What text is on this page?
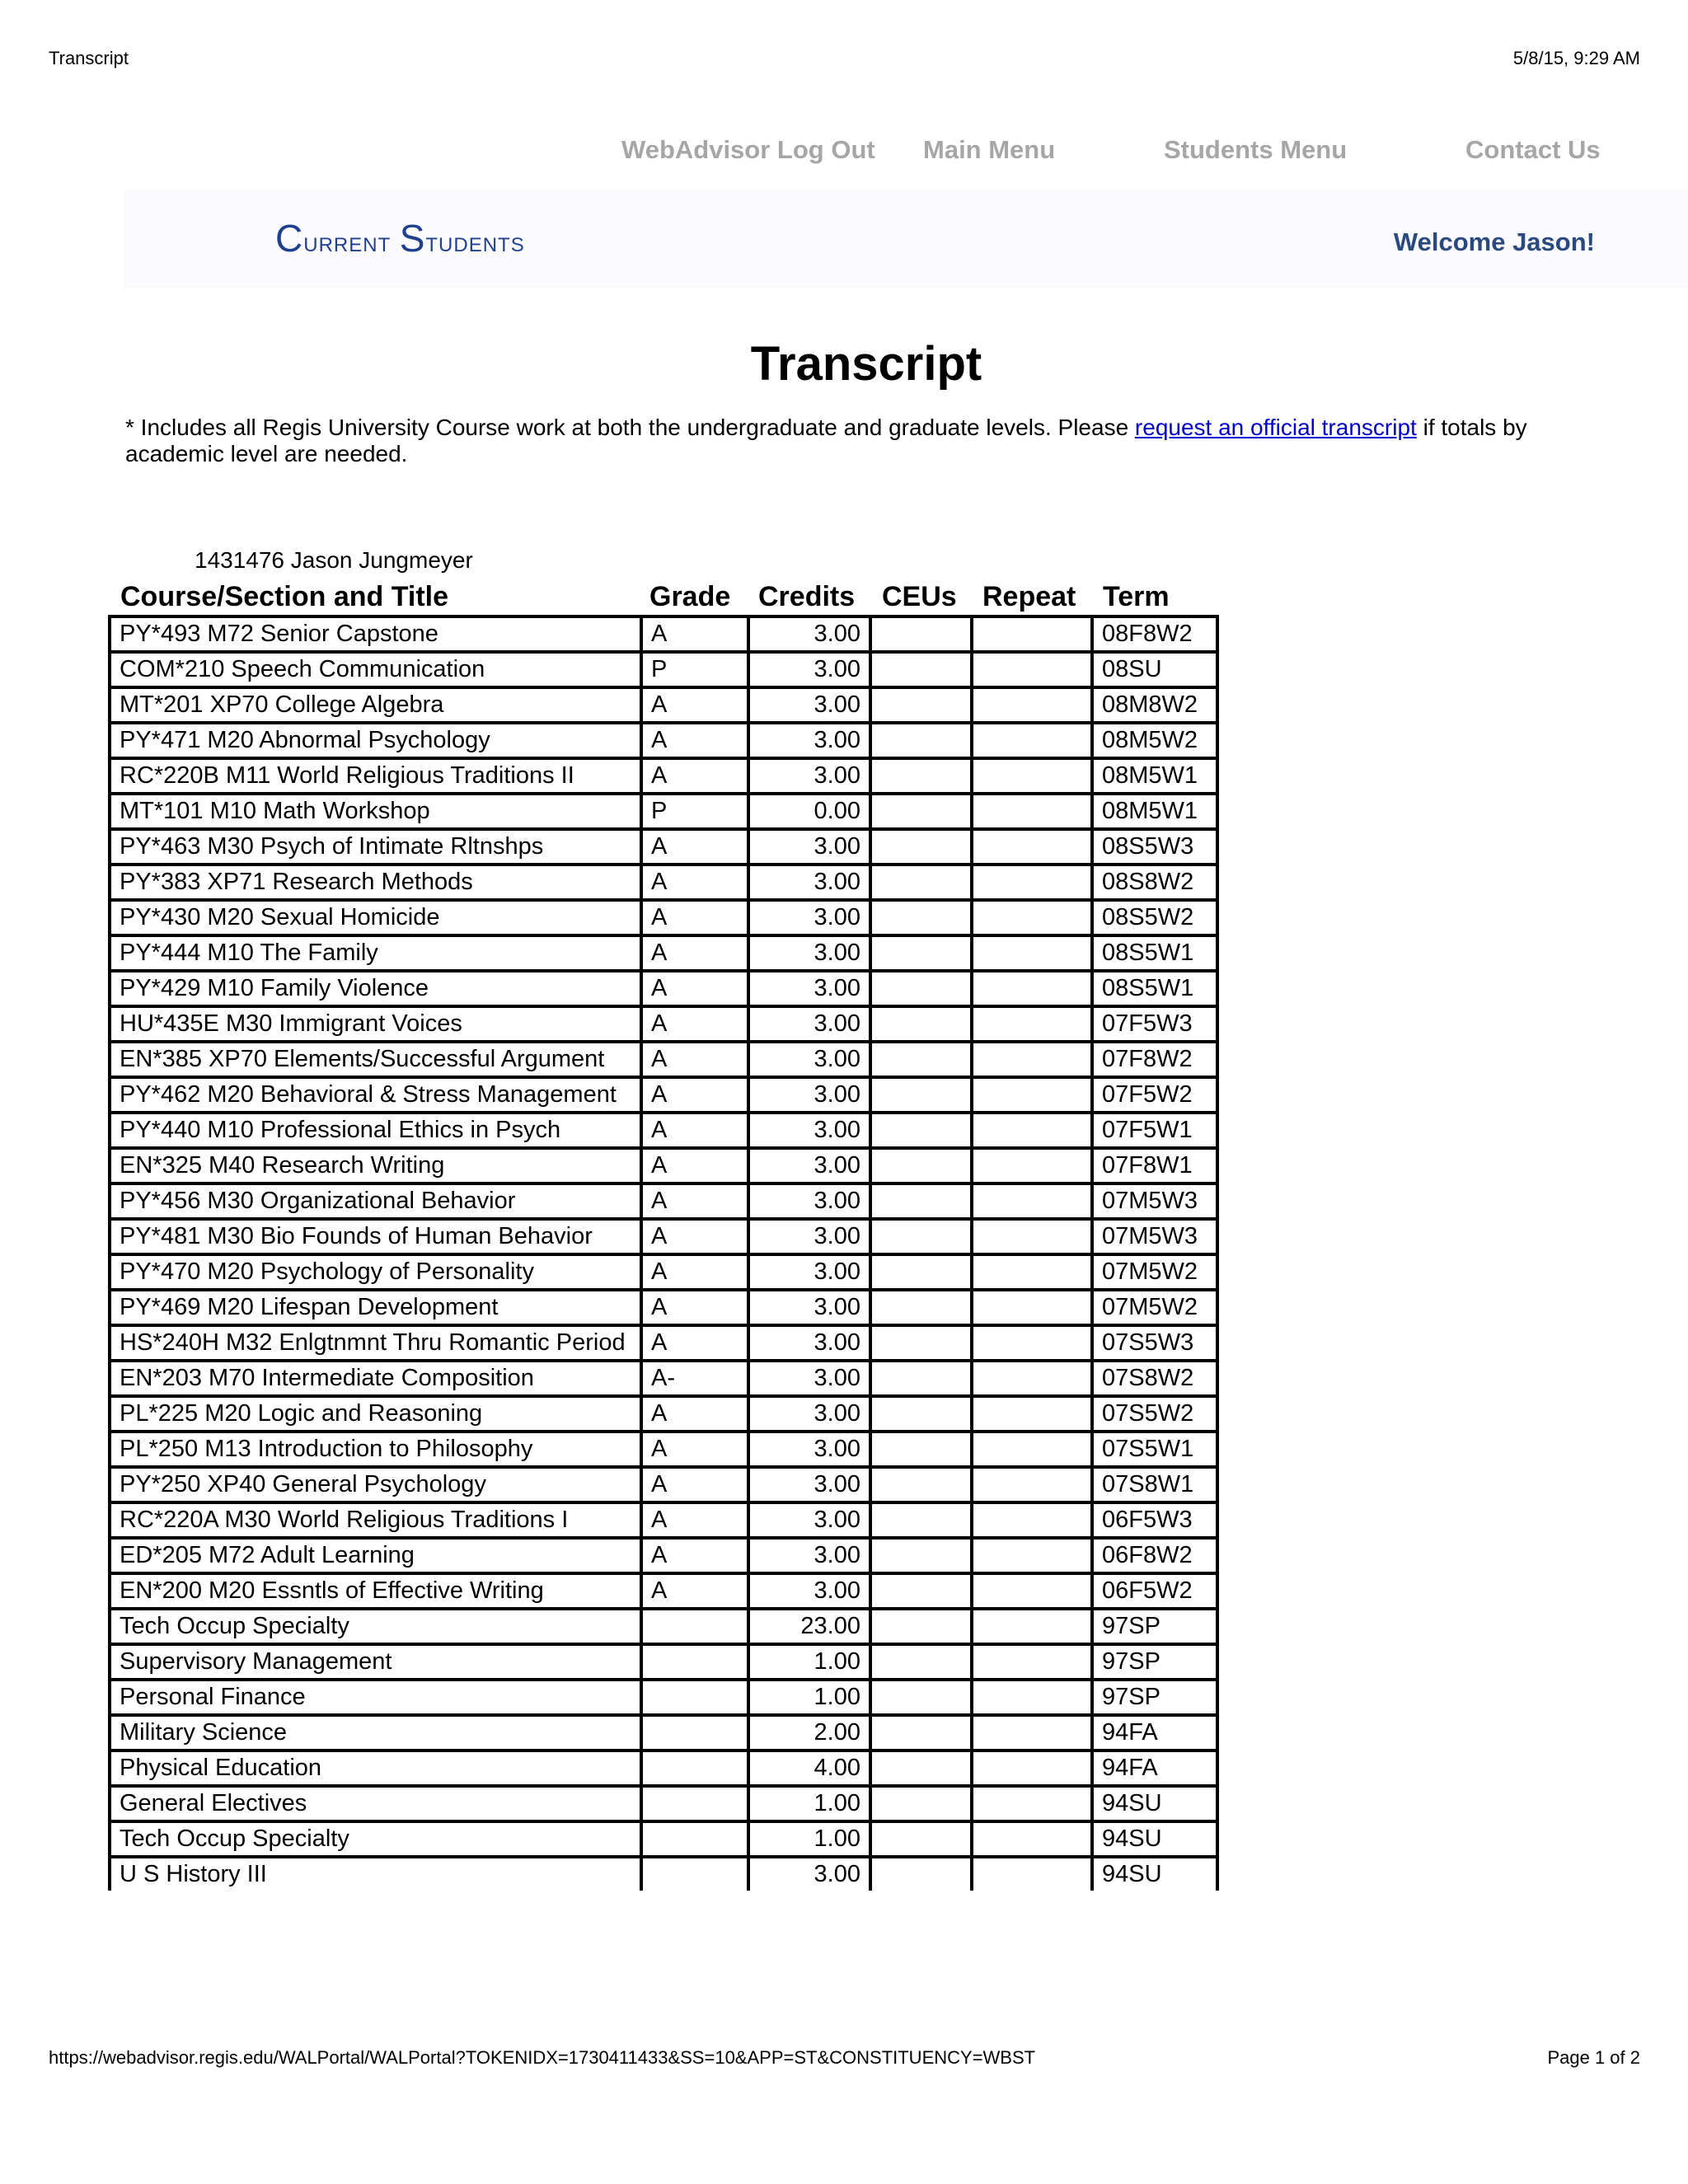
Transcript	5/8/15, 9:29 AM
WebAdvisor Log Out Main Menu	Students Menu	Contact Us
Current Students	Welcome Jason!
Transcript
* Includes all Regis University Course work at both the undergraduate and graduate levels. Please request an official transcript if totals by academic level are needed.
1431476 Jason Jungmeyer
Course/Section and Title	Grade Credits CEUs Repeat Term
PY*493 M72 Senior Capstone	A	3.00			08F8W2
COM*210 Speech Communication	P	3.00			08SU
MT*201 XP70 College Algebra	A	3.00			08M8W2
PY*471 M20 Abnormal Psychology	A	3.00			08M5W2
RC*220B M11 World Religious Traditions II	A	3.00			08M5W1
MT*101 M10 Math Workshop	P	0.00			08M5W1
PY*463 M30 Psych of Intimate Rltnshps	A	3.00			08S5W3
PY*383 XP71 Research Methods	A	3.00			08S8W2
PY*430 M20 Sexual Homicide	A	3.00			08S5W2
PY*444 M10 The Family	A	3.00			08S5W1
PY*429 M10 Family Violence	A	3.00			08S5W1
HU*435E M30 Immigrant Voices	A	3.00			07F5W3
EN*385 XP70 Elements/Successful Argument	A	3.00			07F8W2
PY*462 M20 Behavioral & Stress Management	A	3.00			07F5W2
PY*440 M10 Professional Ethics in Psych	A	3.00			07F5W1
EN*325 M40 Research Writing	A	3.00			07F8W1
PY*456 M30 Organizational Behavior	A	3.00			07M5W3
PY*481 M30 Bio Founds of Human Behavior	A	3.00			07M5W3
PY*470 M20 Psychology of Personality	A	3.00			07M5W2
PY*469 M20 Lifespan Development	A	3.00			07M5W2
HS*240H M32 Enlgtnmnt Thru Romantic Period	A	3.00			07S5W3
EN*203 M70 Intermediate Composition	A-	3.00			07S8W2
PL*225 M20 Logic and Reasoning	A	3.00			07S5W2
PL*250 M13 Introduction to Philosophy	A	3.00			07S5W1
PY*250 XP40 General Psychology	A	3.00			07S8W1
RC*220A M30 World Religious Traditions I	A	3.00			06F5W3
ED*205 M72 Adult Learning	A	3.00			06F8W2
EN*200 M20 Essntls of Effective Writing	A	3.00			06F5W2
Tech Occup Specialty		23.00			97SP
Supervisory Management		1.00			97SP
Personal Finance		1.00			97SP
Military Science		2.00			94FA
Physical Education		4.00			94FA
General Electives		1.00			94SU
Tech Occup Specialty		1.00			94SU
U S History III		3.00			94SU
https://webadvisor.regis.edu/WALPortal/WALPortal?TOKENIDX=1730411433&SS=10&APP=ST&CONSTITUENCY=WBST	Page 1 of 2
